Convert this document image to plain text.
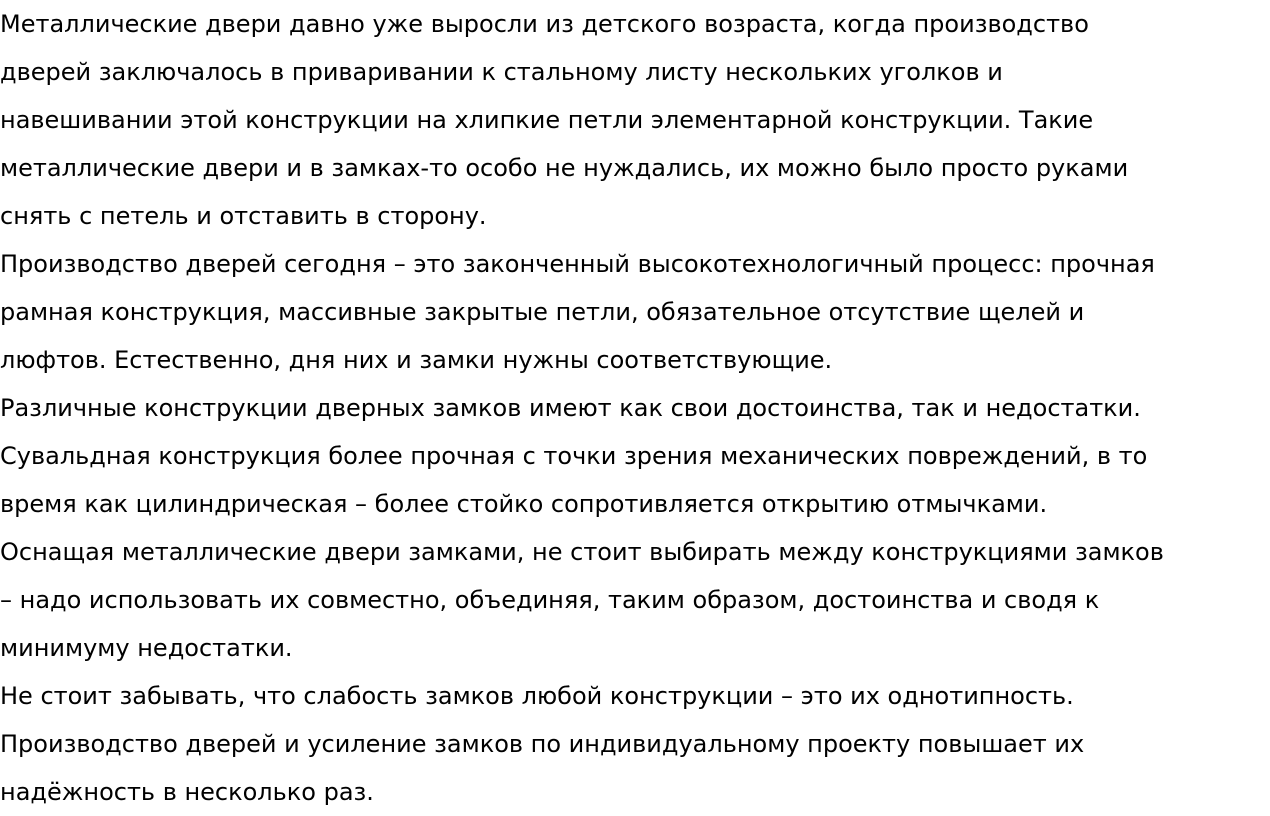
Металлические двери давно уже выросли из детского возраста, когда производство
дверей заключалось в приваривании к стальному листу нескольких уголков и
навешивании этой конструкции на хлипкие петли элементарной конструкции. Такие
металлические двери и в замках-то особо не нуждались, их можно было просто руками
снять с петель и отставить в сторону.

Производство дверей сегодня – это законченный высокотехнологичный процесс: прочная
рамная конструкция, массивные закрытые петли, обязательное отсутствие щелей и
люфтов. Естественно, дня них и замки нужны соответствующие.

Различные конструкции дверных замков имеют как свои достоинства, так и недостатки.
Сувальдная конструкция более прочная с точки зрения механических повреждений, в то
время как цилиндрическая – более стойко сопротивляется открытию отмычками.

Оснащая металлические двери замками, не стоит выбирать между конструкциями замков
– надо использовать их совместно, объединяя, таким образом, достоинства и сводя к
минимуму недостатки.

Не стоит забывать, что слабость замков любой конструкции – это их однотипность.
Производство дверей и усиление замков по индивидуальному проекту повышает их
надёжность в несколько раз.
